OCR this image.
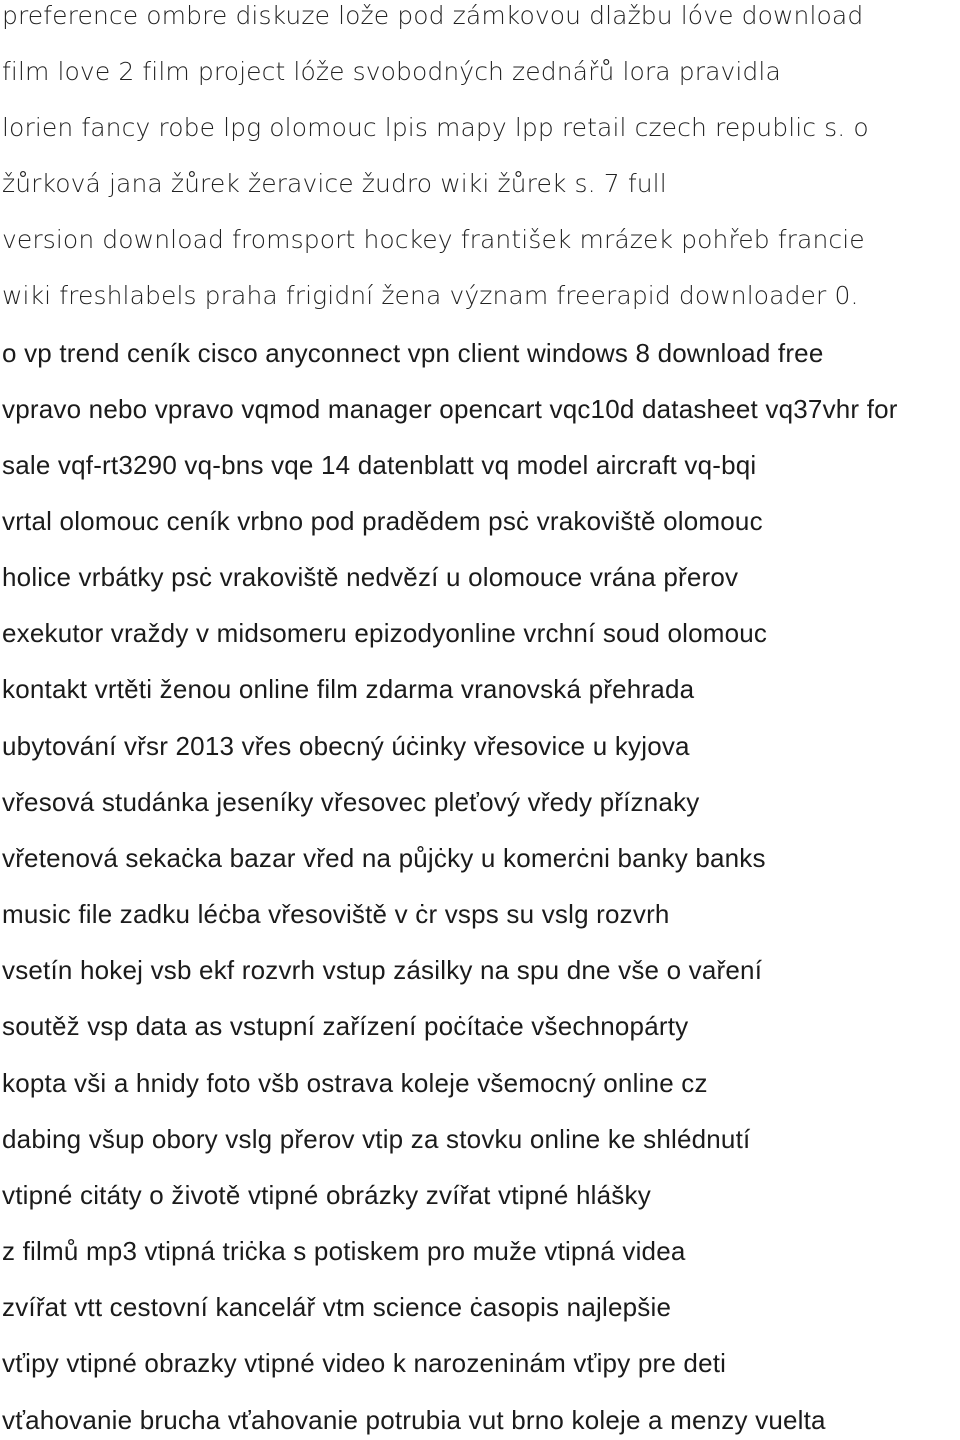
preference ombre diskuze lože pod zámkovou dlažbu lóve download
film love 2 film project lóže svobodných zednářů lora pravidla
lorien fancy robe lpg olomouc lpis mapy lpp retail czech republic s. o
žůrková jana žůrek žeravice žudro wiki žůrek s. 7 full
version download fromsport hockey františek mrázek pohřeb francie
wiki freshlabels praha frigidní žena význam freerapid downloader 0.
o vp trend ceník cisco anyconnect vpn client windows 8 download free
vpravo nebo vpravo vqmod manager opencart vqc10d datasheet vq37vhr for
sale vqf-rt3290 vq-bns vqe 14 datenblatt vq model aircraft vq-bqi
vrtal olomouc ceník vrbno pod pradědem psċ vrakoviště olomouc
holice vrbátky psċ vrakoviště nedvězí u olomouce vrána přerov
exekutor vraždy v midsomeru epizodyonline vrchní soud olomouc
kontakt vrtěti ženou online film zdarma vranovská přehrada
ubytování vřsr 2013 vřes obecný úċinky vřesovice u kyjova
vřesová studánka jeseníky vřesovec pleťový vředy příznaky
vřetenová sekaċka bazar vřed na půjċky u komerċni banky banks
music file zadku léċba vřesoviště v ċr vsps su vslg rozvrh
vsetín hokej vsb ekf rozvrh vstup zásilky na spu dne vše o vaření
soutěž vsp data as vstupní zařízení poċítaċe všechnopárty
kopta vši a hnidy foto všb ostrava koleje všemocný online cz
dabing všup obory vslg přerov vtip za stovku online ke shlédnutí
vtipné citáty o životě vtipné obrázky zvířat vtipné hlášky
z filmů mp3 vtipná triċka s potiskem pro muže vtipná videa
zvířat vtt cestovní kancelář vtm science ċasopis najlepšie
vťipy vtipné obrazky vtipné video k narozeninám vťipy pre deti
vťahovanie brucha vťahovanie potrubia vut brno koleje a menzy vuelta
